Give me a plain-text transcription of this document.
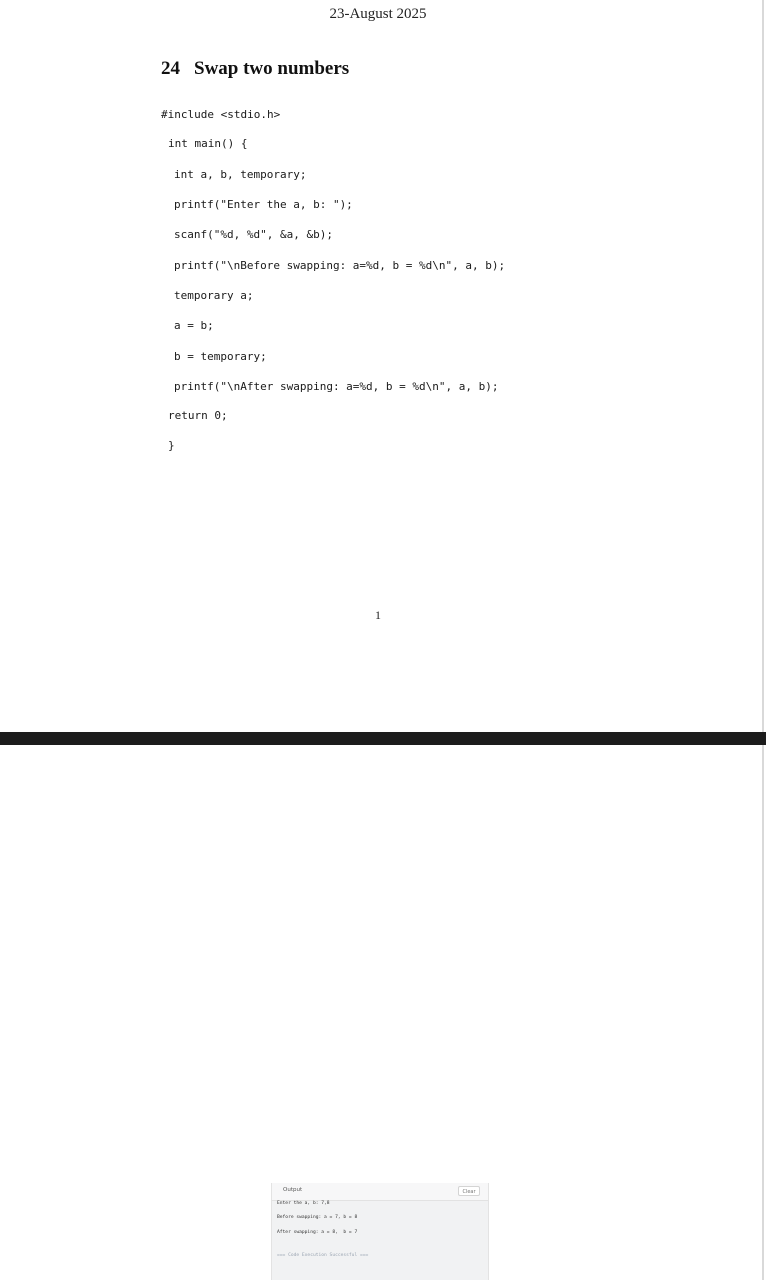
23-August 2025
24 Swap two numbers
#include <stdio.h>
int main() {
int a, b, temporary;
printf("Enter the a, b: ");
scanf("%d, %d", &a, &b);
printf("\nBefore swapping: a=%d, b = %d\n", a, b);
temporary a;
a = b;
b = temporary;
printf("\nAfter swapping: a=%d, b = %d\n", a, b);
return 0;
}
1
Output	Clear
Enter the a, b: 7,8
Before swapping: a = 7, b = 8
After swapping: a = 8,  b = 7
=== Code Execution Successful ===
